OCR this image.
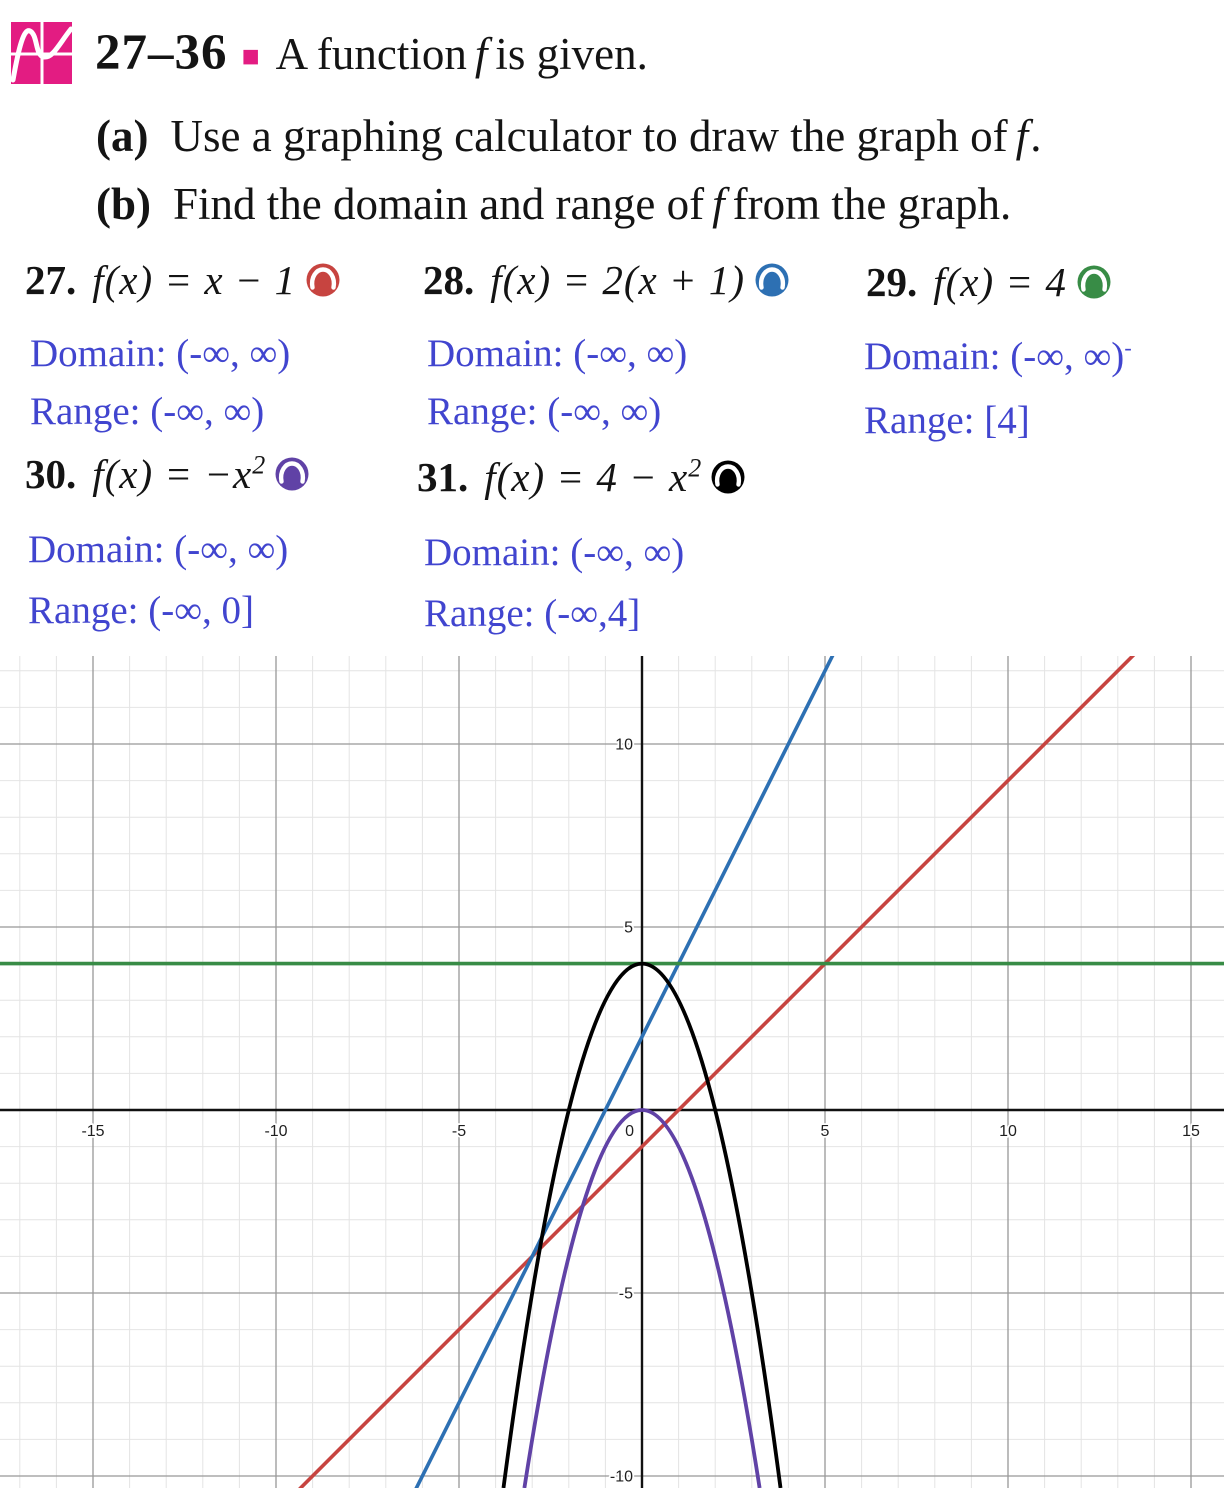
27–36 ■ A function f is given.
(a) Use a graphing calculator to draw the graph of f.
(b) Find the domain and range of f from the graph.
27. f(x) = x − 1
Domain: (-∞, ∞)
Range: (-∞, ∞)
28. f(x) = 2(x + 1)
Domain: (-∞, ∞)
Range: (-∞, ∞)
29. f(x) = 4
Domain: (-∞, ∞)-
Range: [4]
30. $f(x) = -x^2$
Domain: (-∞, ∞)
Range: (-∞, 0]
31. $f(x) = 4 - x^2$
Domain: (-∞, ∞)
Range: (-∞,4]
-15	-10	-5	0	5	10	15
10
5
-5
-10
